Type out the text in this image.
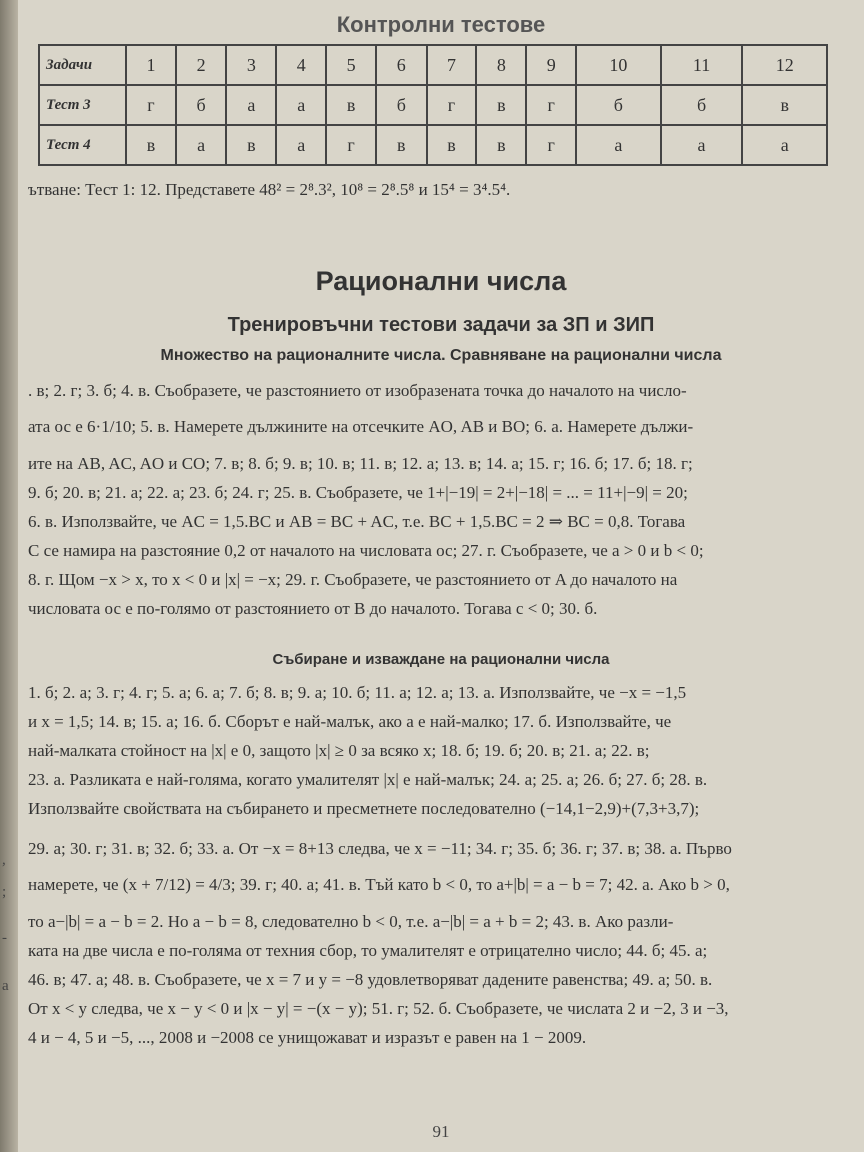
Контролни тестове
Задачи	1	2	3	4	5	6	7	8	9	10	11	12
Тест 3	г	б	а	а	в	б	г	в	г	б	б	в
Тест 4	в	а	в	а	г	в	в	в	г	а	а	а
ътване: Тест 1: 12. Представете 48² = 2⁸.3², 10⁸ = 2⁸.5⁸ и 15⁴ = 3⁴.5⁴.
Рационални числа
Тренировъчни тестови задачи за ЗП и ЗИП
Множество на рационалните числа. Сравняване на рационални числа
. в; 2. г; 3. б; 4. в. Съобразете, че разстоянието от изобразената точка до началото на число-
ата ос е 6·1/10; 5. в. Намерете дължините на отсечките AO, AB и BO; 6. а. Намерете дължи-
ите на AB, AC, AO и CO; 7. в; 8. б; 9. в; 10. в; 11. в; 12. а; 13. в; 14. а; 15. г; 16. б; 17. б; 18. г;
9. б; 20. в; 21. а; 22. а; 23. б; 24. г; 25. в. Съобразете, че 1+|−19| = 2+|−18| = ... = 11+|−9| = 20;
6. в. Използвайте, че AC = 1,5.BC и AB = BC + AC, т.е. BC + 1,5.BC = 2 ⇒ BC = 0,8. Тогава
C се намира на разстояние 0,2 от началото на числовата ос; 27. г. Съобразете, че a > 0 и b < 0;
8. г. Щом −x > x, то x < 0 и |x| = −x; 29. г. Съобразете, че разстоянието от A до началото на
числовата ос е по-голямо от разстоянието от B до началото. Тогава c < 0; 30. б.
Събиране и изваждане на рационални числа
1. б; 2. а; 3. г; 4. г; 5. а; 6. а; 7. б; 8. в; 9. а; 10. б; 11. а; 12. а; 13. а. Използвайте, че −x = −1,5
и x = 1,5; 14. в; 15. а; 16. б. Сборът е най-малък, ако a е най-малко; 17. б. Използвайте, че
най-малката стойност на |x| е 0, защото |x| ≥ 0 за всяко x; 18. б; 19. б; 20. в; 21. а; 22. в;
23. а. Разликата е най-голяма, когато умалителят |x| е най-малък; 24. а; 25. а; 26. б; 27. б; 28. в.
Използвайте свойствата на събирането и пресметнете последователно (−14,1−2,9)+(7,3+3,7);
29. а; 30. г; 31. в; 32. б; 33. а. От −x = 8+13 следва, че x = −11; 34. г; 35. б; 36. г; 37. в; 38. а. Първо
намерете, че (x + 7/12) = 4/3; 39. г; 40. а; 41. в. Тъй като b < 0, то a+|b| = a − b = 7; 42. а. Ако b > 0,
то a−|b| = a − b = 2. Но a − b = 8, следователно b < 0, т.е. a−|b| = a + b = 2; 43. в. Ако разли-
ката на две числа е по-голяма от техния сбор, то умалителят е отрицателно число; 44. б; 45. а;
46. в; 47. а; 48. в. Съобразете, че x = 7 и y = −8 удовлетворяват дадените равенства; 49. а; 50. в.
От x < y следва, че x − y < 0 и |x − y| = −(x − y); 51. г; 52. б. Съобразете, че числата 2 и −2, 3 и −3,
4 и − 4, 5 и −5, ..., 2008 и −2008 се унищожават и изразът е равен на 1 − 2009.
91
,
;
-
а
